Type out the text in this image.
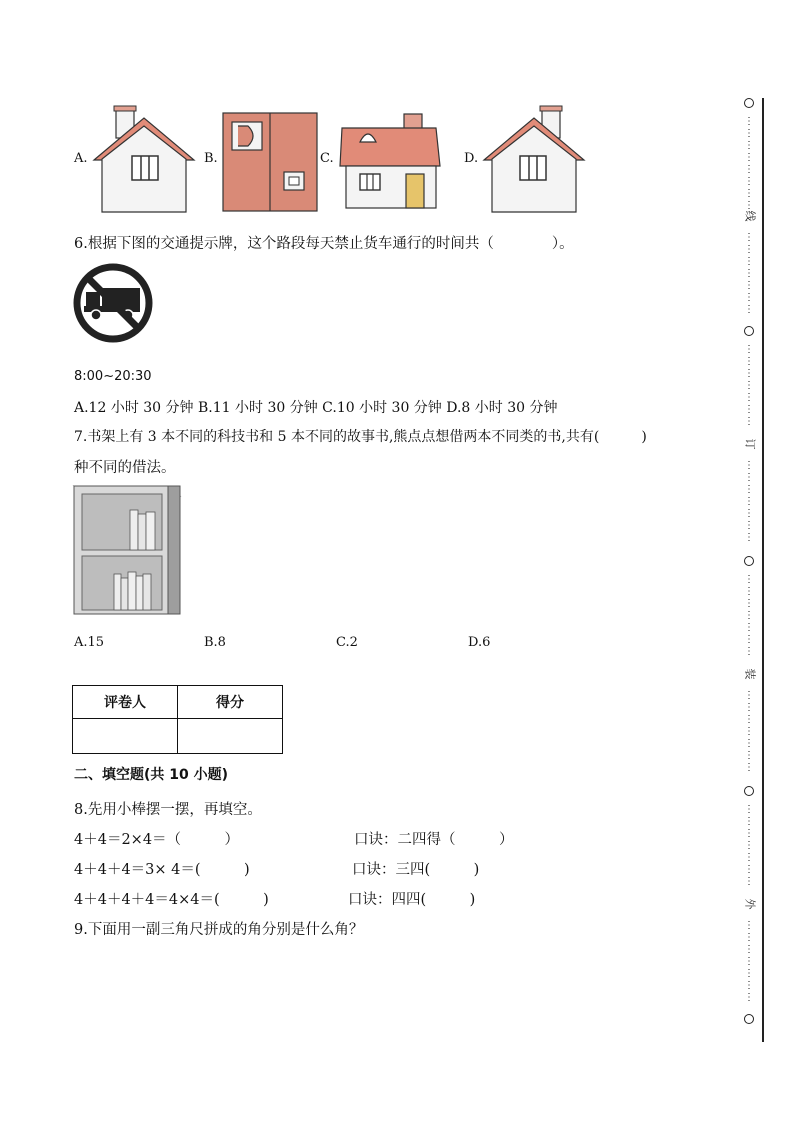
A.	B.	C.	D.
6.根据下图的交通提示牌，这个路段每天禁止货车通行的时间共（　　　　）。
8:00~20:30
A.12 小时 30 分钟 B.11 小时 30 分钟 C.10 小时 30 分钟 D.8 小时 30 分钟
7.书架上有 3 本不同的科技书和 5 本不同的故事书,熊点点想借两本不同类的书,共有(　　　)
种不同的借法。
A.15	B.8	C.2	D.6
评卷人	得分

二、填空题(共 10 小题)
8.先用小棒摆一摆，再填空。
4＋4＝2×4＝（　　　）	口诀：二四得（　　　）
4＋4＋4＝3× 4＝(　　　)	口诀：三四(　　　)
4＋4＋4＋4＝4×4＝(　　　)	口诀：四四(　　　)
9.下面用一副三角尺拼成的角分别是什么角？
⋮
⋮
⋮
⋮
⋮
⋮
⋮
⋮
线
⋮
⋮
⋮
⋮
⋮
⋮
⋮
⋮
⋮
⋮
⋮
⋮
⋮
⋮
订
⋮
⋮
⋮
⋮
⋮
⋮
⋮
⋮
⋮
⋮
⋮
⋮
⋮
⋮
装
⋮
⋮
⋮
⋮
⋮
⋮
⋮
⋮
⋮
⋮
⋮
⋮
⋮
⋮
外
⋮
⋮
⋮
⋮
⋮
⋮
⋮
